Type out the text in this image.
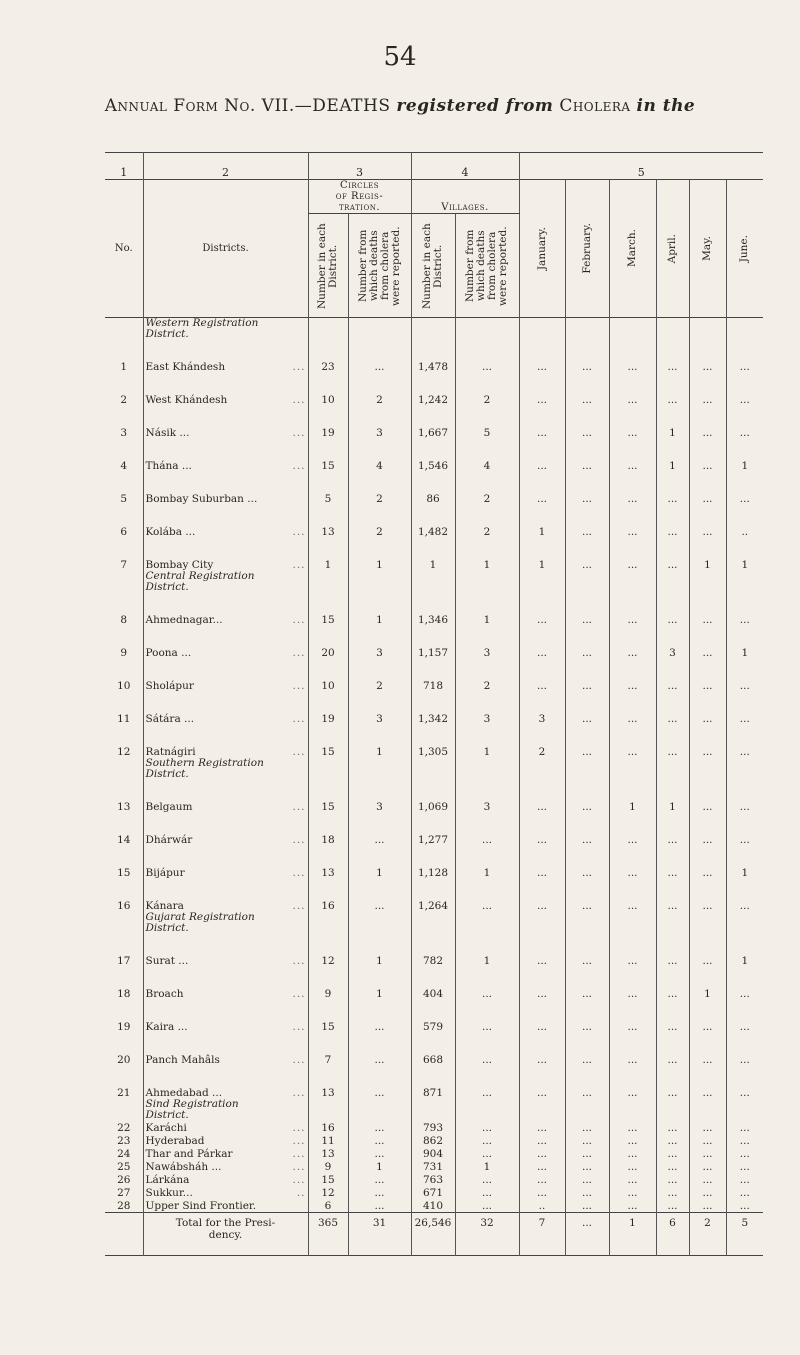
54
Annual Form No. VII.—DEATHS registered from Cholera in the
1	2	3		4		5					
No.	Districts.	Circles
of Regis-
tration.		Villages.		January.	February.	March.	April.	May.	June.

		Number in each District.	Number from which deaths from cholera were reported.	Number in each District.	Number from which deaths from cholera were reported.						

	Western Registration
District.										

1	East Khándesh ...	23	...	1,478	...	...	...	...	...	...	...
2	West Khándesh ...	10	2	1,242	2	...	...	...	...	...	...
3	Násik ... ...	19	3	1,667	5	...	...	...	1	...	...
4	Thána ... ...	15	4	1,546	4	...	...	...	1	...	1
5	Bombay Suburban ...	5	2	86	2	...	...	...	...	...	...
6	Kolába ... ...	13	2	1,482	2	1	...	...	...	...	..
7	Bombay City ...	1	1	1	1	1	...	...	...	1	1

	Central Registration
District.										

8	Ahmednagar... ...	15	1	1,346	1	...	...	...	...	...	...
9	Poona ... ...	20	3	1,157	3	...	...	...	3	...	1
10	Sholápur ...	10	2	718	2	...	...	...	...	...	...
11	Sátára ... ...	19	3	1,342	3	3	...	...	...	...	...
12	Ratnágiri ...	15	1	1,305	1	2	...	...	...	...	...

	Southern Registration
District.										

13	Belgaum ...	15	3	1,069	3	...	...	1	1	...	...
14	Dhárwár ...	18	...	1,277	...	...	...	...	...	...	...
15	Bijápur ...	13	1	1,128	1	...	...	...	...	...	1
16	Kánara ...	16	...	1,264	...	...	...	...	...	...	...

	Gujarat Registration
District.										

17	Surat ... ...	12	1	782	1	...	...	...	...	...	1
18	Broach ...	9	1	404	...	...	...	...	...	1	...
19	Kaira ... ...	15	...	579	...	...	...	...	...	...	...
20	Panch Mahâls ...	7	...	668	...	...	...	...	...	...	...
21	Ahmedabad ... ...	13	...	871	...	...	...	...	...	...	...

	Sind Registration
District.										

22	Karáchi ...	16	...	793	...	...	...	...	...	...	...
23	Hyderabad ...	11	...	862	...	...	...	...	...	...	...
24	Thar and Párkar ...	13	...	904	...	...	...	...	...	...	...
25	Nawábsháh ... ...	9	1	731	1	...	...	...	...	...	...
26	Lárkána ...	15	...	763	...	...	...	...	...	...	...
27	Sukkur... ..	12	...	671	...	...	...	...	...	...	...
28	Upper Sind Frontier.	6	...	410	...	..	...	...	...	...	...

	Total for the Presi-
dency.	365	31	26,546	32	7	...	1	6	2	5
